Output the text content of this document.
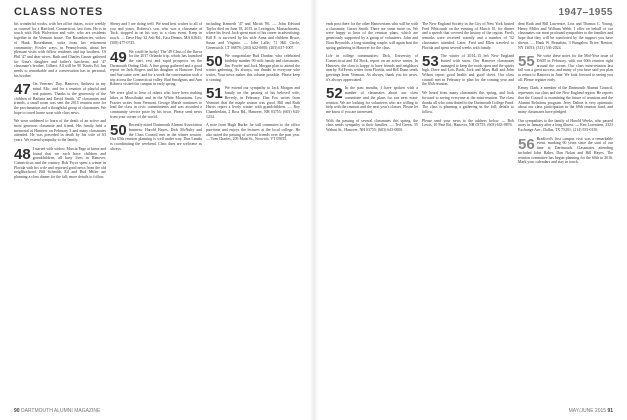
CLASS NOTES	1947–1955

his wonderful works, with her office duties, twice weekly as counsel for a Hartford, Connecticut, law firm. He is in touch with Bob Wolverton and wife, who are residents together in the Vermont house. The Rosenberries, widow of Hank Rosenbaum, write from her retirement community; Fowler ways, in Pennsylvania, about her pleasant visits with fellow residents and top brothers. Of Phil '47 and dear wives, Ruth and Charles Gasser gathered for Gina's daughter and father's luncheon, and '47 classmate's brother, Gilbert. All will be 90 'Kurtis Ed. Jun needs to remarkable and a conversation has in personal; his brother.

47 On Veterans' Day, Hanover, Amherst in my mind. Mic, and for a reunion of playful and real patrons. Thanks to the generosity of the children of Barbara and David Smith, '47 classmates and friends, a small room was sent the 2015 reunion note for the proclamation and a thoughtful group of classmates. We hope to travel home soon with class news.

We were saddened to learn of the death of an active and most generous classmate and friend. His family held a memorial at Hanover on February 3 and many classmates attended. He was preceded in death by his wife of 63 years. We extend sympathy to the family.

48 I started with widow, Marcia Page at home and found that we each have children and grandchildren, all busy lives in Hanover, Connecticut, and the country. Bob Pryor spent a winter in Florida with his wife and reported good news from the old neighborhood. Bill Schmidt, Ed and Bud Miller are planning a class dinner for the fall; more details to follow.

Sherry and I are doing well. We send best wishes to all of you and yours. Roberts's son, who was a classmate at Tuck, stopped in on his way to a class event. Keep in touch. — Dave Hay, 32 Ash Rd., East Dennis, MA 02641; (508) 477-0745.

49 We could be lucky! The '49 Class of the flavor for the 2017 Orlando trip, which has launched the start, rest and rapid prospects on the Dartmouth Outing Club. A fine group gathered and a good report on Jack Rogers and his daughter at Hanover. Fred and Sue came over, and for a week the conversation took a trip across the Connecticut valley. Bud Snodgrass and Ann Roberts visited the campus in early spring.

We were glad to hear of others who have been making hikes at Moosilauke and in the White Mountains. Lew Frazier writes from Vermont. George Marsh continues to lead the class in civic commitments and was awarded a community service prize by his town. Please send news from your corner of the world.

50 Recently noted Dartmouth Alumni Association business: Harold Hayes, Dick McNulty and the Class Council met in the winter session. Our 65th reunion planning is well under way. Don Landis is coordinating the weekend. Class dues are welcome as always.

including Kenneth '47 and Micah '86. — John Edward Taylor died on June 18, 2015, in Lexington, Massachusetts, where his lived. Jack spent most of his career in advertising; Bill E. is survived by his wife Anna and children Bruce, Susan and Virginia. — John Lalle, 71 Hill Circle, Greenwich, CT 06878; (203) 622-0000; (203) 637-1007.

50 We congratulate Bud Dunbar, who celebrated birthday number 90 with family and classmates. Jim Fowler and Jack Morgan plan to attend the winter gathering. As always, our thanks to everyone who writes. Your news makes this column possible. Please keep it coming.

51 We extend our sympathy to Jack Morgan and family on the passing of his beloved wife, Beverly, in February. Dan Fox writes from Vermont that the maple season was good. Bill and Ruth Harris report a lively winter with grandchildren. — Roy Chamberlain, 2 Ross Rd., Hanover, NH 03755; (603) 643-1234.

A note from Hugh Burke: he still commutes to the office part-time and enjoys the lectures at the local college. He also noted the passing of several friends over the past year. — Tom Charles, 205 Main St., Norwich, VT 05055.

ends post there for the other Hanoverians who will be with a classmate, Garret Smith. There are some more on. We were happy to hear of the reunion plans, which are generously supported by a group of volunteers. John and Nora Reynolds, a long-standing couple, will again host the spring gathering in Hanover for the class.

Life in college communities: Dick, University of Connecticut and Ed Bock, report on an active winter. In Hanover, the class is happy to have friends and neighbors nearby. Ed Ferris writes from Florida, and Bill Dunn sends greetings from Vermont. As always, thank you for news, it's always appreciated.

52 In the past months, I have spoken with a number of classmates about our class committee and the plans for our next mini-reunion. We are looking for volunteers who are willing to help with the reunion and the next year's classes. Please let me know if you are interested.

With the passing of several classmates this spring, the class sends sympathy to their families. — Ted Green, 55 Walnut St., Hanover, NH 03755; (603) 643-0000.

The New England Society in the City of New York hosted Fred Whitcomb on the evening of March 10, for dinner and a speech that covered the history of the region. Fred's remarks were received warmly and a number of '52 classmates attended. Later, Fred and Ellen traveled to Florida and spent several weeks with family.

53 The winter of 2014–15 left New England buried with snow. Our Hanover classmates managed to keep the roads open and the spirits high. Dave and Lois Buck, Jack and Mary Hall and John Wilson report good health and good cheer. Our class council met in February to plan for the coming year and the 65th reunion.

We heard from many classmates this spring, and look forward to seeing everyone at the mini-reunion. The class thanks all who contributed to the Dartmouth College Fund. The class is planning a gathering in the fall; details to follow.

Please send your news to the address below. — Bob Lewis, 10 Pine Rd., Hanover, NH 03755; (603) 643-9876.

dent Ruth and Bill Lawrence, Lois and Thomas C. Young, Henry Miller and William Webb. I offer on behalf of our classmates our most profound sympathies to the families and hope that they will be comforted by the support you have shown. — Hank W. Beaudoin, 3 Bungalow Drive, Benton, NY 13053; (315) 536-2024.

55 We write these notes for the Mid-Year issue of DAM in February, with our 60th reunion right around the corner. Our class mini-reunion last fall was a great success, and many of you have said you plan to return to Hanover in June. We look forward to seeing you all. Please register early.

Kenny Clark, a member of the Dartmouth Alumni Council, represents our class and the New England region. He reports that the Council is examining the future of reunions and the Alumni Relations program. Jerry Dalton is very optimistic about our class participation in the 60th reunion fund, and many classmates have pledged.

Our sympathies to the family of Harold Weeks, who passed away in January after a long illness. — Ken Lorentzen, 2323 Exchange Ave., Dallas, TX 75201; (214) 555-0150.

56 Bradford's first campus visit was a remarkable event, marking 60 years since the start of our time at Dartmouth. Classmates attending included John Baker, Dan Nolan and Bill Hayes. The reunion committee has begun planning for the 60th in 2016. Mark your calendars and stay in touch.

90 DARTMOUTH ALUMNI MAGAZINE	MAY/JUNE 2015 91
